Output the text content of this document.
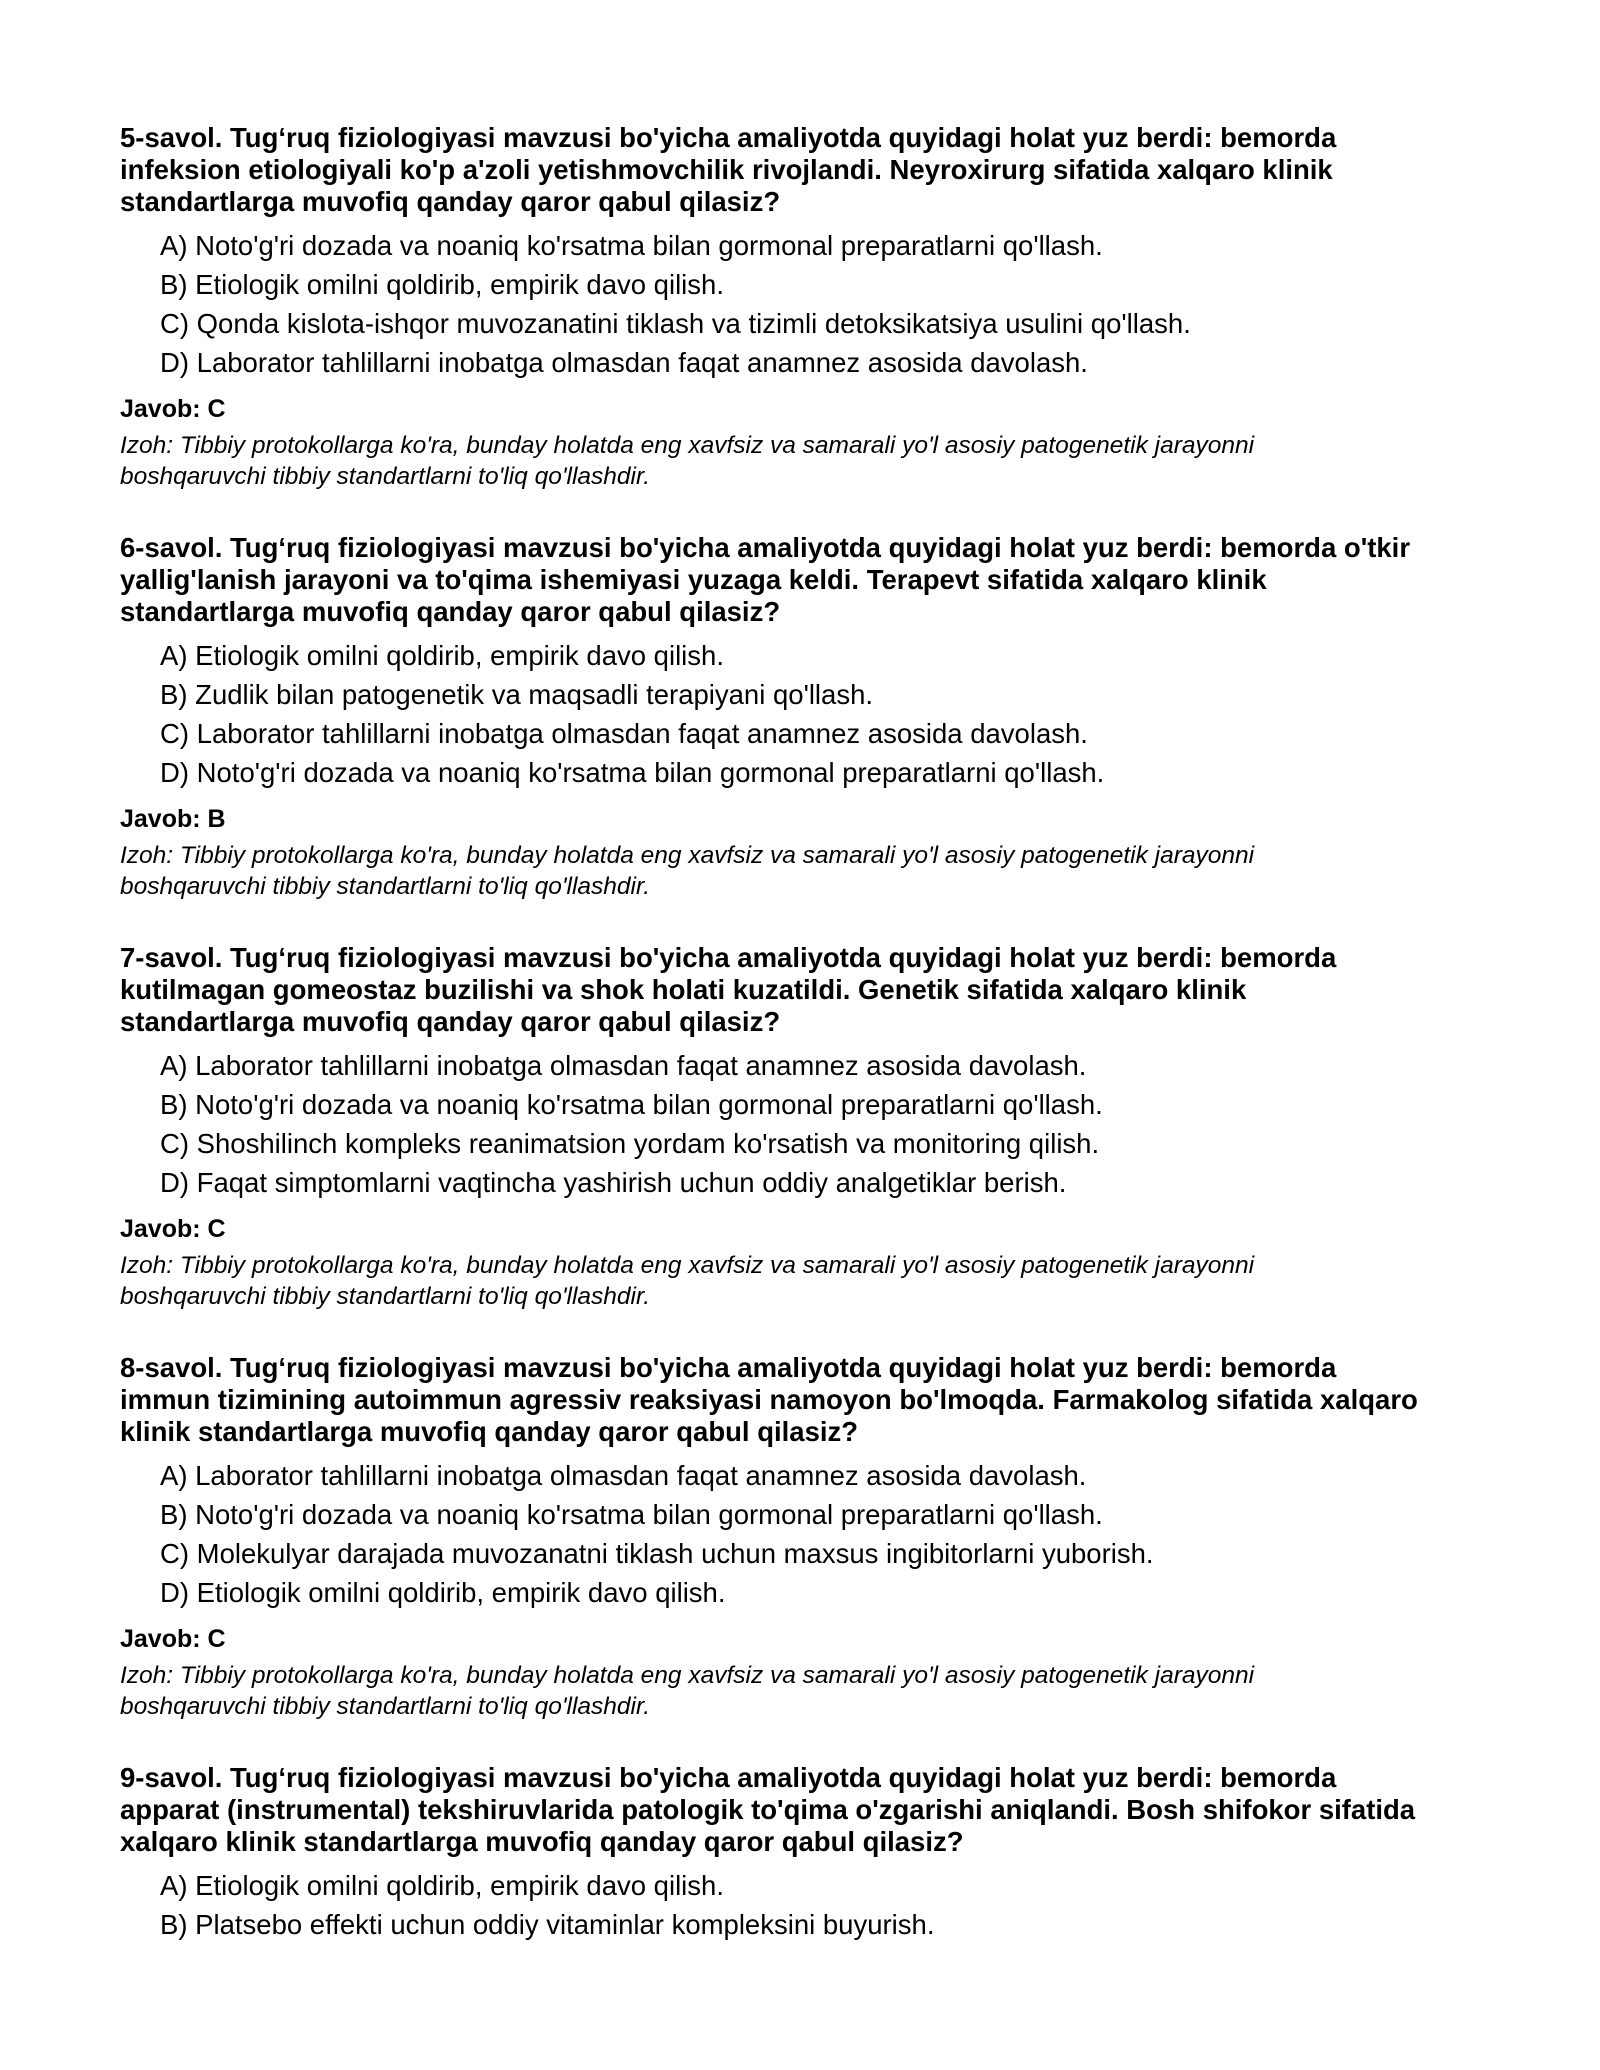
5-savol. Tug‘ruq fiziologiyasi mavzusi bo'yicha amaliyotda quyidagi holat yuz berdi: bemorda
infeksion etiologiyali ko'p a'zoli yetishmovchilik rivojlandi. Neyroxirurg sifatida xalqaro klinik
standartlarga muvofiq qanday qaror qabul qilasiz?

A) Noto'g'ri dozada va noaniq ko'rsatma bilan gormonal preparatlarni qo'llash.
B) Etiologik omilni qoldirib, empirik davo qilish.
C) Qonda kislota-ishqor muvozanatini tiklash va tizimli detoksikatsiya usulini qo'llash.
D) Laborator tahlillarni inobatga olmasdan faqat anamnez asosida davolash.
Javob: C
Izoh: Tibbiy protokollarga ko'ra, bunday holatda eng xavfsiz va samarali yo'l asosiy patogenetik jarayonni
boshqaruvchi tibbiy standartlarni to'liq qo'llashdir.

6-savol. Tug‘ruq fiziologiyasi mavzusi bo'yicha amaliyotda quyidagi holat yuz berdi: bemorda o'tkir
yallig'lanish jarayoni va to'qima ishemiyasi yuzaga keldi. Terapevt sifatida xalqaro klinik
standartlarga muvofiq qanday qaror qabul qilasiz?

A) Etiologik omilni qoldirib, empirik davo qilish.
B) Zudlik bilan patogenetik va maqsadli terapiyani qo'llash.
C) Laborator tahlillarni inobatga olmasdan faqat anamnez asosida davolash.
D) Noto'g'ri dozada va noaniq ko'rsatma bilan gormonal preparatlarni qo'llash.
Javob: B
Izoh: Tibbiy protokollarga ko'ra, bunday holatda eng xavfsiz va samarali yo'l asosiy patogenetik jarayonni
boshqaruvchi tibbiy standartlarni to'liq qo'llashdir.

7-savol. Tug‘ruq fiziologiyasi mavzusi bo'yicha amaliyotda quyidagi holat yuz berdi: bemorda
kutilmagan gomeostaz buzilishi va shok holati kuzatildi. Genetik sifatida xalqaro klinik
standartlarga muvofiq qanday qaror qabul qilasiz?

A) Laborator tahlillarni inobatga olmasdan faqat anamnez asosida davolash.
B) Noto'g'ri dozada va noaniq ko'rsatma bilan gormonal preparatlarni qo'llash.
C) Shoshilinch kompleks reanimatsion yordam ko'rsatish va monitoring qilish.
D) Faqat simptomlarni vaqtincha yashirish uchun oddiy analgetiklar berish.
Javob: C
Izoh: Tibbiy protokollarga ko'ra, bunday holatda eng xavfsiz va samarali yo'l asosiy patogenetik jarayonni
boshqaruvchi tibbiy standartlarni to'liq qo'llashdir.

8-savol. Tug‘ruq fiziologiyasi mavzusi bo'yicha amaliyotda quyidagi holat yuz berdi: bemorda
immun tizimining autoimmun agressiv reaksiyasi namoyon bo'lmoqda. Farmakolog sifatida xalqaro
klinik standartlarga muvofiq qanday qaror qabul qilasiz?

A) Laborator tahlillarni inobatga olmasdan faqat anamnez asosida davolash.
B) Noto'g'ri dozada va noaniq ko'rsatma bilan gormonal preparatlarni qo'llash.
C) Molekulyar darajada muvozanatni tiklash uchun maxsus ingibitorlarni yuborish.
D) Etiologik omilni qoldirib, empirik davo qilish.
Javob: C
Izoh: Tibbiy protokollarga ko'ra, bunday holatda eng xavfsiz va samarali yo'l asosiy patogenetik jarayonni
boshqaruvchi tibbiy standartlarni to'liq qo'llashdir.

9-savol. Tug‘ruq fiziologiyasi mavzusi bo'yicha amaliyotda quyidagi holat yuz berdi: bemorda
apparat (instrumental) tekshiruvlarida patologik to'qima o'zgarishi aniqlandi. Bosh shifokor sifatida
xalqaro klinik standartlarga muvofiq qanday qaror qabul qilasiz?

A) Etiologik omilni qoldirib, empirik davo qilish.
B) Platsebo effekti uchun oddiy vitaminlar kompleksini buyurish.
